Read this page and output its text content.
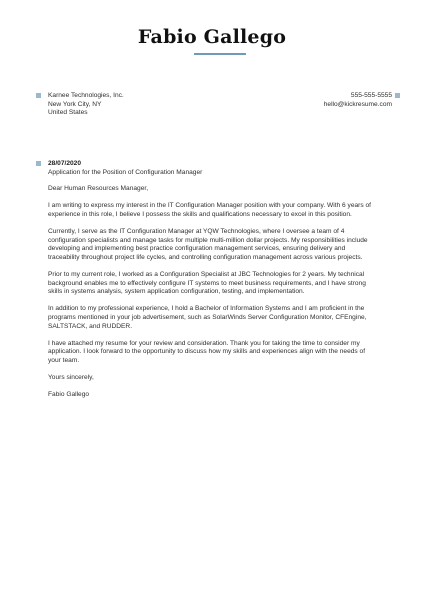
Fabio Gallego
Karnee Technologies, Inc.
New York City, NY
United States
555-555-5555
hello@kickresume.com
28/07/2020
Application for the Position of Configuration Manager
Dear Human Resources Manager,
I am writing to express my interest in the IT Configuration Manager position with your company. With 6 years of
experience in this role, I believe I possess the skills and qualifications necessary to excel in this position.
Currently, I serve as the IT Configuration Manager at YQW Technologies, where I oversee a team of 4
configuration specialists and manage tasks for multiple multi-million dollar projects. My responsibilities include
developing and implementing best practice configuration management services, ensuring delivery and
traceability throughout project life cycles, and controlling configuration management across various projects.
Prior to my current role, I worked as a Configuration Specialist at JBC Technologies for 2 years. My technical
background enables me to effectively configure IT systems to meet business requirements, and I have strong
skills in systems analysis, system application configuration, testing, and implementation.
In addition to my professional experience, I hold a Bachelor of Information Systems and I am proficient in the
programs mentioned in your job advertisement, such as SolarWinds Server Configuration Monitor, CFEngine,
SALTSTACK, and RUDDER.
I have attached my resume for your review and consideration. Thank you for taking the time to consider my
application. I look forward to the opportunity to discuss how my skills and experiences align with the needs of
your team.
Yours sincerely,
Fabio Gallego
